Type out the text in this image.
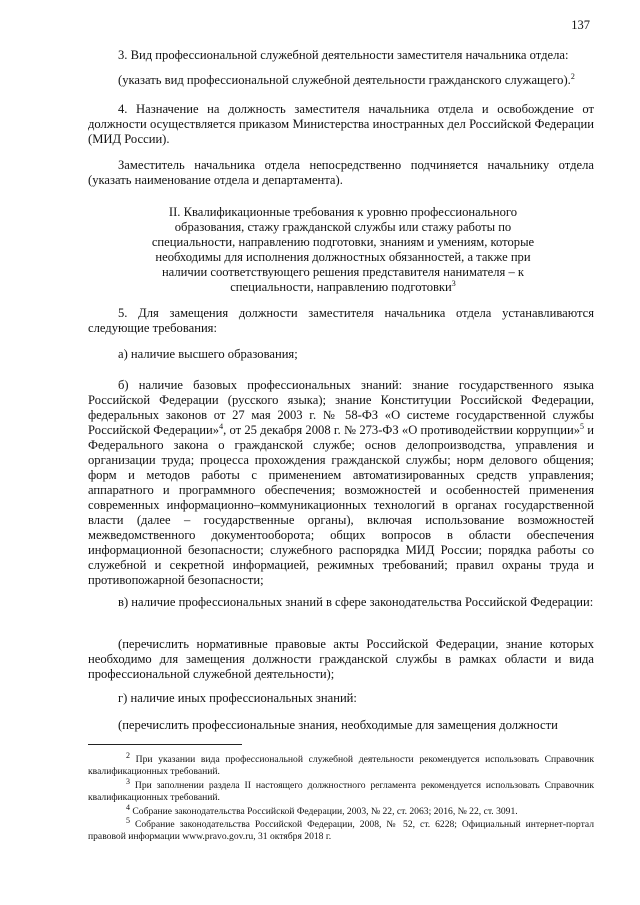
137
3. Вид профессиональной служебной деятельности заместителя начальника отдела:
(указать вид профессиональной служебной деятельности гражданского служащего).$^2$
4. Назначение на должность заместителя начальника отдела и освобождение от должности осуществляется приказом Министерства иностранных дел Российской Федерации (МИД России).
Заместитель начальника отдела непосредственно подчиняется начальнику отдела (указать наименование отдела и департамента).
II. Квалификационные требования к уровню профессионального образования, стажу гражданской службы или стажу работы по специальности, направлению подготовки, знаниям и умениям, которые необходимы для исполнения должностных обязанностей, а также при наличии соответствующего решения представителя нанимателя – к специальности, направлению подготовки$^3$
5. Для замещения должности заместителя начальника отдела устанавливаются следующие требования:
а) наличие высшего образования;
б) наличие базовых профессиональных знаний: знание государственного языка Российской Федерации (русского языка); знание Конституции Российской Федерации, федеральных законов от 27 мая 2003 г. № 58-ФЗ «О системе государственной службы Российской Федерации»$^4$, от 25 декабря 2008 г. № 273-ФЗ «О противодействии коррупции»$^5$ и Федерального закона о гражданской службе; основ делопроизводства, управления и организации труда; процесса прохождения гражданской службы; норм делового общения; форм и методов работы с применением автоматизированных средств управления; аппаратного и программного обеспечения; возможностей и особенностей применения современных информационно–коммуникационных технологий в органах государственной власти (далее – государственные органы), включая использование возможностей межведомственного документооборота; общих вопросов в области обеспечения информационной безопасности; служебного распорядка МИД России; порядка работы со служебной и секретной информацией, режимных требований; правил охраны труда и противопожарной безопасности;
в) наличие профессиональных знаний в сфере законодательства Российской Федерации:
(перечислить нормативные правовые акты Российской Федерации, знание которых необходимо для замещения должности гражданской службы в рамках области и вида профессиональной служебной деятельности);
г) наличие иных профессиональных знаний:
(перечислить профессиональные знания, необходимые для замещения должности
$^2$ При указании вида профессиональной служебной деятельности рекомендуется использовать Справочник квалификационных требований.
$^3$ При заполнении раздела II настоящего должностного регламента рекомендуется использовать Справочник квалификационных требований.
$^4$ Собрание законодательства Российской Федерации, 2003, № 22, ст. 2063; 2016, № 22, ст. 3091.
$^5$ Собрание законодательства Российской Федерации, 2008, № 52, ст. 6228; Официальный интернет-портал правовой информации www.pravo.gov.ru, 31 октября 2018 г.
